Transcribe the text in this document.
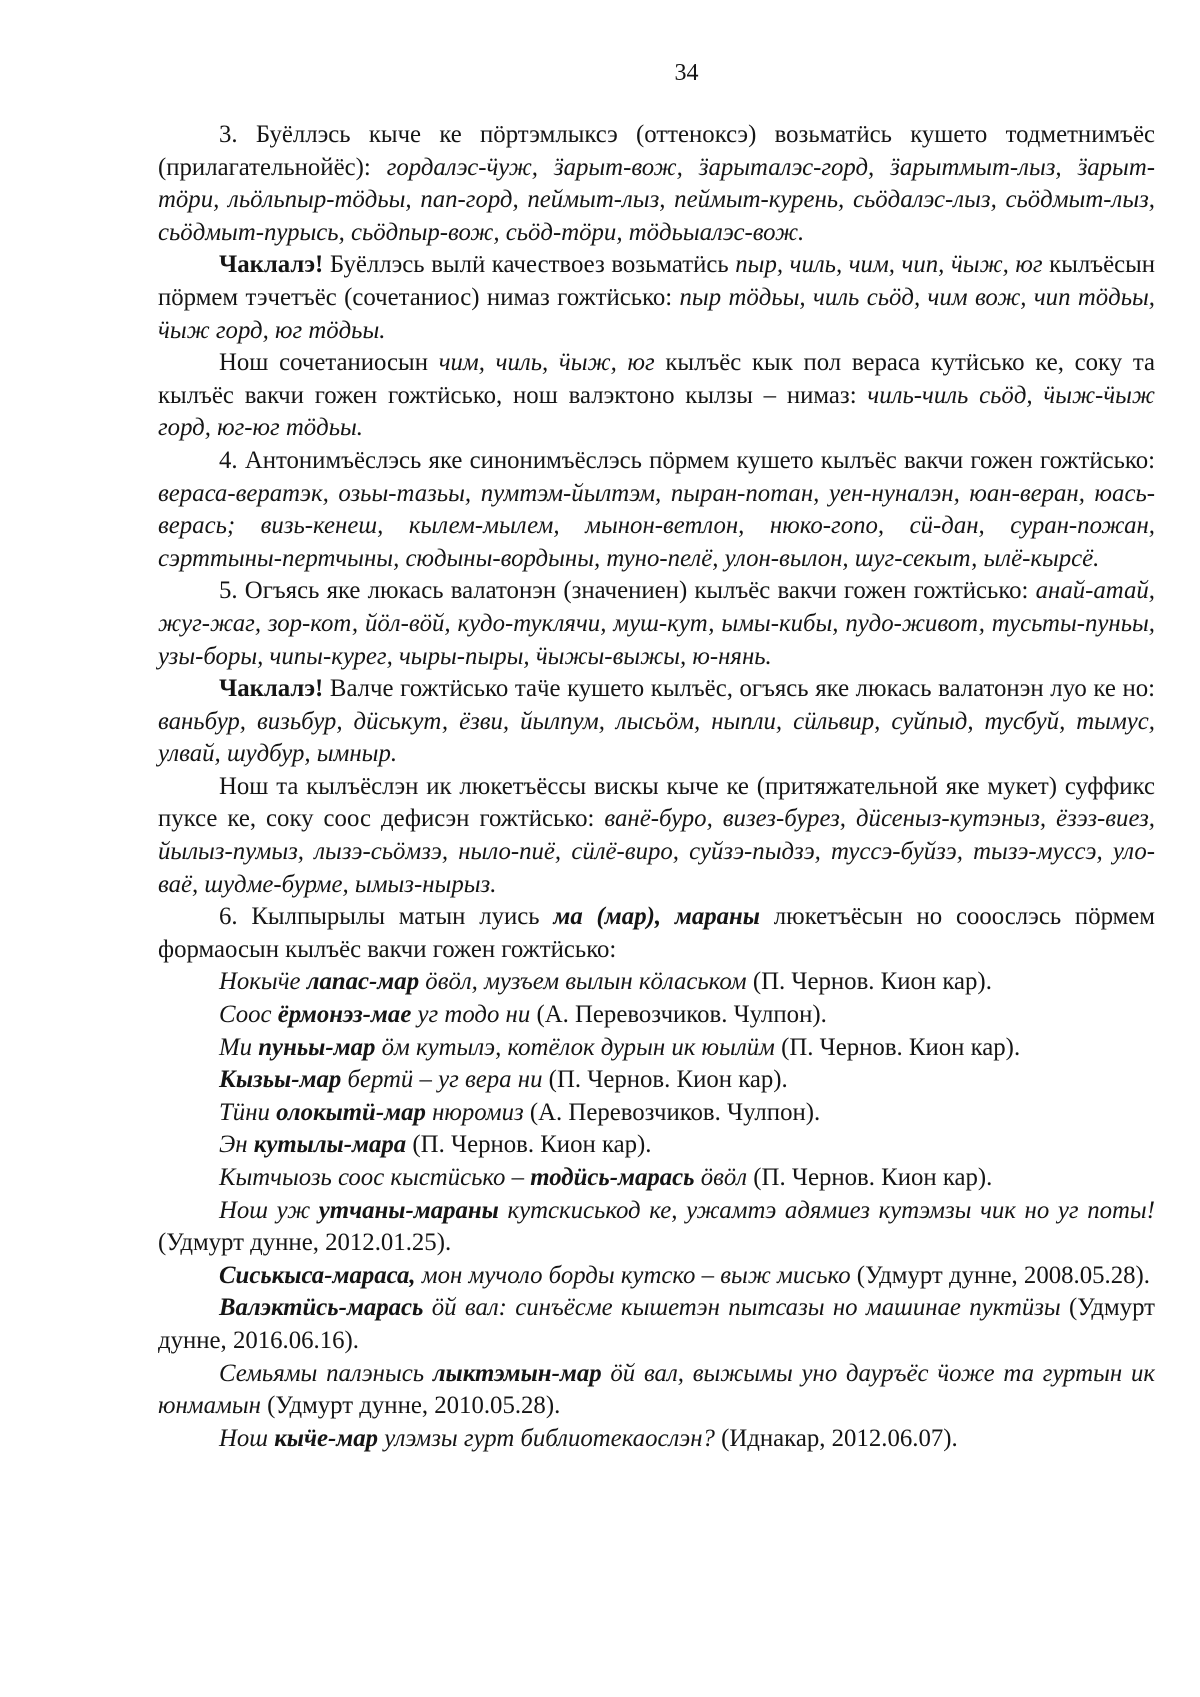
34

3. Буёллэсь кыче ке пӧртэмлыксэ (оттеноксэ) возьматӥсь кушето тодметнимъёс (прилагательнойёс): гордалэс-ӵуж, ӟарыт-вож, ӟарыталэс-горд, ӟарытмыт-лыз, ӟарыт-тӧри, льӧльпыр-тӧдьы, пап-горд, пеймыт-лыз, пеймыт-курень, сьӧдалэс-лыз, сьӧдмыт-лыз, сьӧдмыт-пурысь, сьӧдпыр-вож, сьӧд-тӧри, тӧдьыалэс-вож.

Чаклалэ! Буёллэсь вылӥ качествоез возьматӥсь пыр, чиль, чим, чип, ӵыж, юг кылъёсын пӧрмем тэчетъёс (сочетаниос) нимаз гожтӥсько: пыр тӧдьы, чиль сьӧд, чим вож, чип тӧдьы, ӵыж горд, юг тӧдьы.

Нош сочетаниосын чим, чиль, ӵыж, юг кылъёс кык пол вераса кутӥсько ке, соку та кылъёс вакчи гожен гожтӥсько, нош валэктоно кылзы – нимаз: чиль-чиль сьӧд, ӵыж-ӵыж горд, юг-юг тӧдьы.

4. Антонимъёслэсь яке синонимъёслэсь пӧрмем кушето кылъёс вакчи гожен гожтӥсько: вераса-вератэк, озьы-тазьы, пумтэм-йылтэм, пыран-потан, уен-нуналэн, юан-веран, юась-верась; визь-кенеш, кылем-мылем, мынон-ветлон, нюко-гопо, сӥ-дан, суран-пожан, сэрттыны-пертчыны, сюдыны-вордыны, туно-пелё, улон-вылон, шуг-секыт, ылё-кырсё.

5. Огъясь яке люкась валатонэн (значениен) кылъёс вакчи гожен гожтӥсько: анай-атай, жуг-жаг, зор-кот, йӧл-вӧй, кудо-туклячи, муш-кут, ымы-кибы, пудо-живот, тусьты-пуньы, узы-боры, чипы-курег, чыры-пыры, ӵыжы-выжы, ю-нянь.

Чаклалэ! Валче гожтӥсько таӵе кушето кылъёс, огъясь яке люкась валатонэн луо ке но: ваньбур, визьбур, дӥськут, ёзви, йылпум, лысьӧм, ныпли, сӥльвир, суйпыд, тусбуй, тымус, улвай, шудбур, ымныр.

Нош та кылъёслэн ик люкетъёссы вискы кыче ке (притяжательной яке мукет) суффикс пуксе ке, соку соос дефисэн гожтӥсько: ванё-буро, визез-бурез, дӥсеныз-кутэныз, ёзэз-виез, йылыз-пумыз, лызэ-сьӧмзэ, ныло-пиё, сӥлё-виро, суйзэ-пыдзэ, туссэ-буйзэ, тызэ-муссэ, уло-ваё, шудме-бурме, ымыз-нырыз.

6. Кылпырылы матын луись ма (мар), мараны люкетъёсын но сооослэсь пӧрмем формаосын кылъёс вакчи гожен гожтӥсько:

Нокыӵе лапас-мар ӧвӧл, музъем вылын кӧласьком (П. Чернов. Кион кар).

Соос ёрмонэз-мае уг тодо ни (А. Перевозчиков. Чулпон).

Ми пуньы-мар ӧм кутылэ, котёлок дурын ик юылӥм (П. Чернов. Кион кар).

Кызьы-мар бертӥ – уг вера ни (П. Чернов. Кион кар).

Тӥни олокытӥ-мар нюромиз (А. Перевозчиков. Чулпон).

Эн кутылы-мара (П. Чернов. Кион кар).

Кытчыозь соос кыстӥсько – тодӥсь-марась ӧвӧл (П. Чернов. Кион кар).

Нош уж утчаны-мараны кутскиськод ке, ужамтэ адямиез кутэмзы чик но уг поты! (Удмурт дунне, 2012.01.25).

Сиськыса-мараса, мон мучоло борды кутско – выж мисько (Удмурт дунне, 2008.05.28).

Валэктӥсь-марась ӧй вал: синъёсме кышетэн пытсазы но машинае пуктӥзы (Удмурт дунне, 2016.06.16).

Семьямы палэнысь лыктэмын-мар ӧй вал, выжымы уно дауръёс ӵоже та гуртын ик юнмамын (Удмурт дунне, 2010.05.28).

Нош кыӵе-мар улэмзы гурт библиотекаослэн? (Иднакар, 2012.06.07).
